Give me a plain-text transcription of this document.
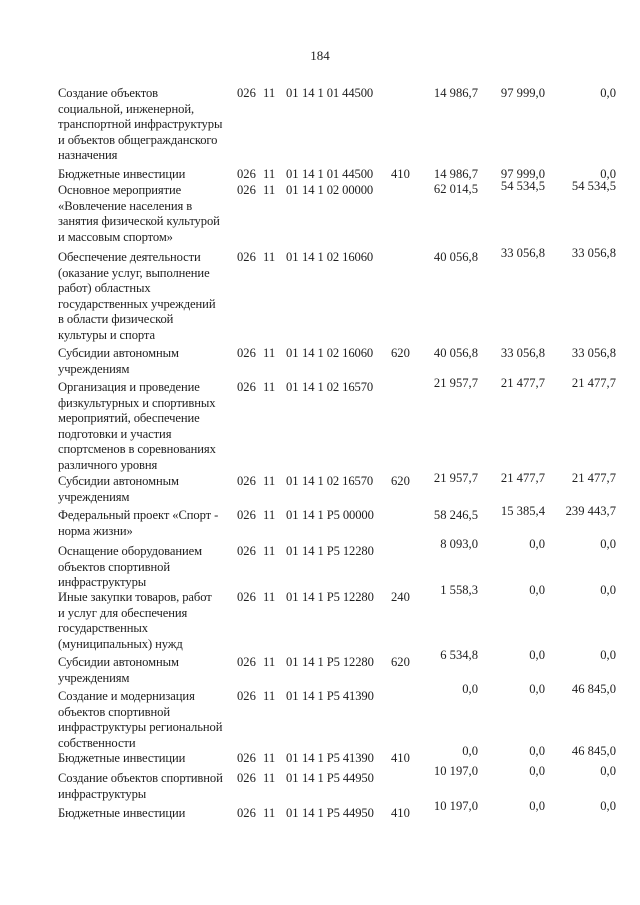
184
Создание объектов
социальной, инженерной,
транспортной инфраструктуры
и объектов общегражданского
назначения
026 11 01 14 1 01 44500	14 986,7	97 999,0	0,0
Бюджетные инвестиции	026 11 01 14 1 01 44500	410	14 986,7	97 999,0	0,0
Основное мероприятие
«Вовлечение населения в
занятия физической культурой
и массовым спортом»
026 11 01 14 1 02 00000	62 014,5	54 534,5	54 534,5
Обеспечение деятельности
(оказание услуг, выполнение
работ) областных
государственных учреждений
в области физической
культуры и спорта
026 11 01 14 1 02 16060	40 056,8	33 056,8	33 056,8
Субсидии автономным
учреждениям
026 11 01 14 1 02 16060	620	40 056,8	33 056,8	33 056,8
Организация и проведение
физкультурных и спортивных
мероприятий, обеспечение
подготовки и участия
спортсменов в соревнованиях
различного уровня
026 11 01 14 1 02 16570	21 957,7	21 477,7	21 477,7
Субсидии автономным
учреждениям
026 11 01 14 1 02 16570	620	21 957,7	21 477,7	21 477,7
Федеральный проект «Спорт -
норма жизни»
026 11 01 14 1 P5 00000	58 246,5	15 385,4	239 443,7
Оснащение оборудованием
объектов спортивной
инфраструктуры
026 11 01 14 1 P5 12280	8 093,0	0,0	0,0
Иные закупки товаров, работ
и услуг для обеспечения
государственных
(муниципальных) нужд
026 11 01 14 1 P5 12280	240	1 558,3	0,0	0,0
Субсидии автономным
учреждениям
026 11 01 14 1 P5 12280	620	6 534,8	0,0	0,0
Создание и модернизация
объектов спортивной
инфраструктуры региональной
собственности
026 11 01 14 1 P5 41390	0,0	0,0	46 845,0
Бюджетные инвестиции	026 11 01 14 1 P5 41390	410	0,0	0,0	46 845,0
Создание объектов спортивной
инфраструктуры
026 11 01 14 1 P5 44950	10 197,0	0,0	0,0
Бюджетные инвестиции	026 11 01 14 1 P5 44950	410	10 197,0	0,0	0,0
